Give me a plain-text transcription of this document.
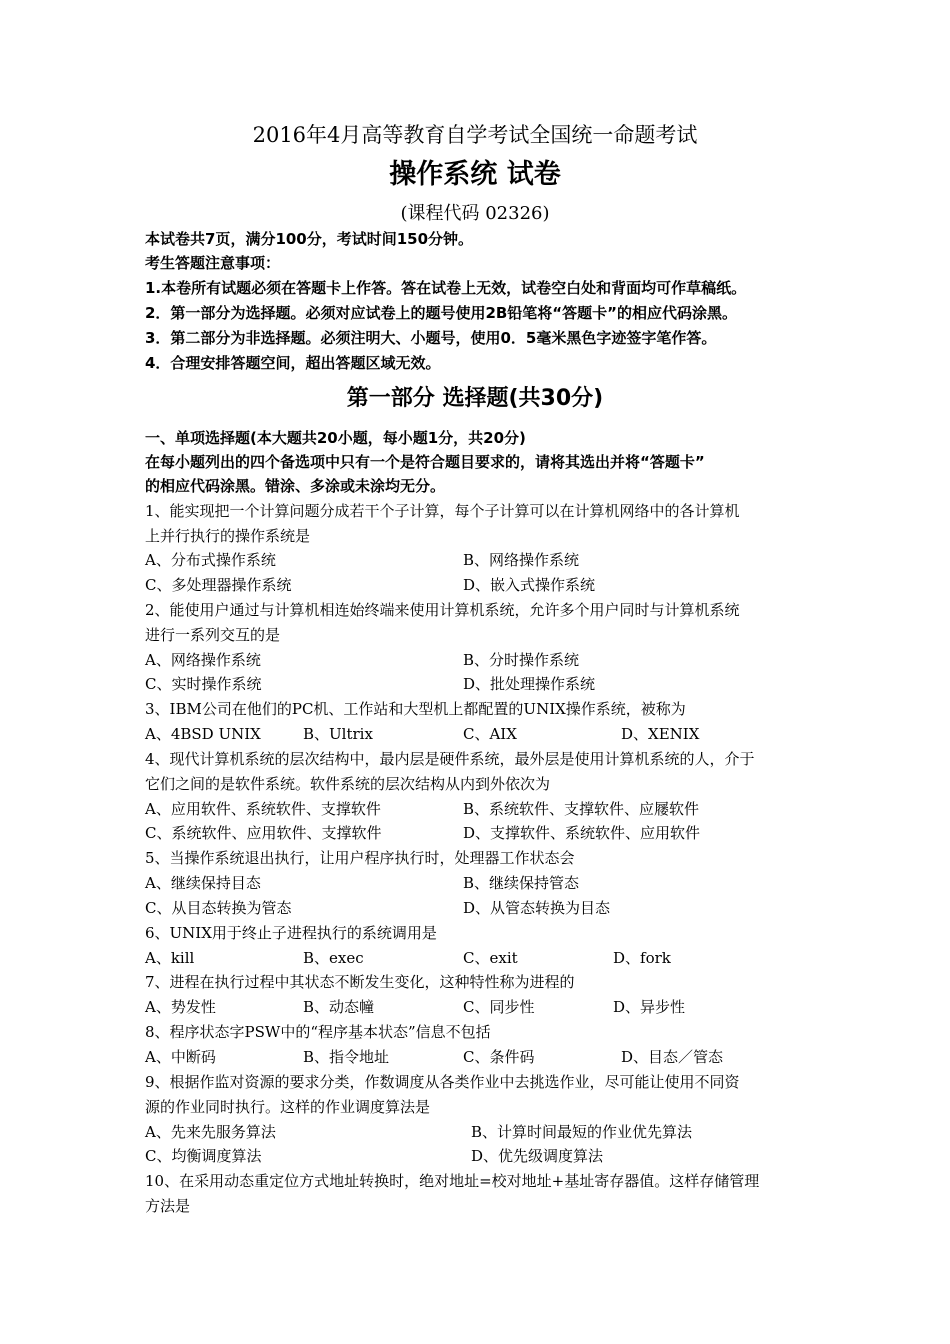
2016年4月高等教育自学考试全国统一命题考试
操作系统 试卷
(课程代码 02326)
本试卷共7页，满分100分，考试时间150分钟。
考生答题注意事项：
1.本卷所有试题必须在答题卡上作答。答在试卷上无效，试卷空白处和背面均可作草稿纸。
2．第一部分为选择题。必须对应试卷上的题号使用2B铅笔将“答题卡”的相应代码涂黑。
3．第二部分为非选择题。必须注明大、小题号，使用0．5毫米黑色字迹签字笔作答。
4．合理安排答题空间，超出答题区域无效。
第一部分 选择题(共30分)
一、单项选择题(本大题共20小题，每小题1分，共20分)
在每小题列出的四个备选项中只有一个是符合题目要求的，请将其选出并将“答题卡”
的相应代码涂黑。错涂、多涂或未涂均无分。
1、能实现把一个计算问题分成若干个子计算，每个子计算可以在计算机网络中的各计算机
上并行执行的操作系统是
A、分布式操作系统	B、网络操作系统
C、多处理器操作系统	D、嵌入式操作系统
2、能使用户通过与计算机相连始终端来使用计算机系统，允许多个用户同时与计算机系统
进行一系列交互的是
A、网络操作系统	B、分时操作系统
C、实时操作系统	D、批处理操作系统
3、IBM公司在他们的PC机、工作站和大型机上都配置的UNIX操作系统，被称为
A、4BSD UNIX	B、Ultrix	C、AIX	D、XENIX
4、现代计算机系统的层次结构中，最内层是硬件系统，最外层是使用计算机系统的人，介于
它们之间的是软件系统。软件系统的层次结构从内到外依次为
A、应用软件、系统软件、支撑软件	B、系统软件、支撑软件、应屦软件
C、系统软件、应用软件、支撑软件	D、支撑软件、系统软件、应用软件
5、当操作系统退出执行，让用户程序执行时，处理器工作状态会
A、继续保持目态	B、继续保持管态
C、从目态转换为管态	D、从管态转换为目态
6、UNIX用于终止子进程执行的系统调用是
A、kill	B、exec	C、exit	D、fork
7、进程在执行过程中其状态不断发生变化，这种特性称为进程的
A、势发性	B、动态幢	C、同步性	D、异步性
8、程序状态字PSW中的“程序基本状态”信息不包括
A、中断码	B、指令地址	C、条件码	D、目态／管态
9、根据作监对资源的要求分类，作数调度从各类作业中去挑选作业，尽可能让使用不同资
源的作业同时执行。这样的作业调度算法是
A、先来先服务算法	B、计算时间最短的作业优先算法
C、均衡调度算法	D、优先级调度算法
10、在采用动态重定位方式地址转换时，绝对地址=校对地址+基址寄存器值。这样存储管理
方法是
